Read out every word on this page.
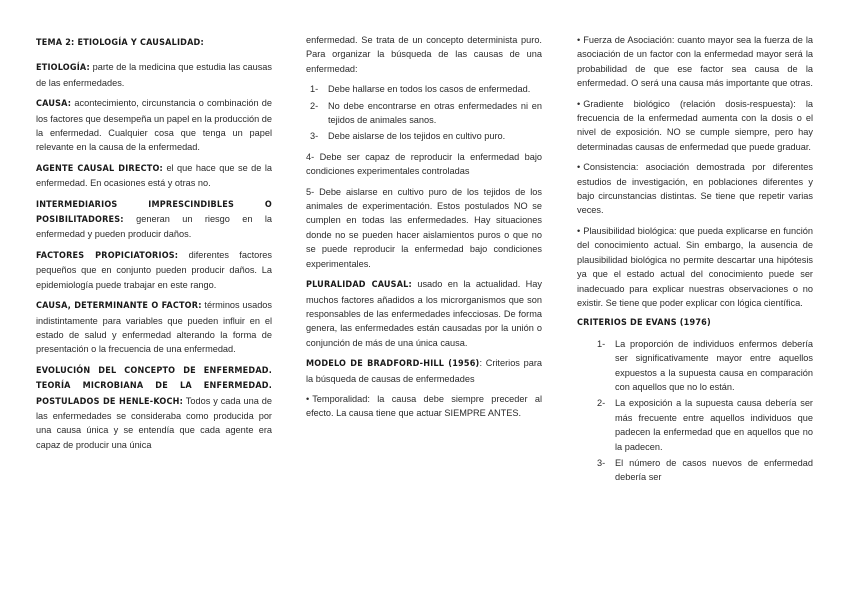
TEMA 2: ETIOLOGÍA Y CAUSALIDAD:

ETIOLOGÍA: parte de la medicina que estudia las causas de las enfermedades.

CAUSA: acontecimiento, circunstancia o combinación de los factores que desempeña un papel en la producción de la enfermedad. Cualquier cosa que tenga un papel relevante en la causa de la enfermedad.

AGENTE CAUSAL DIRECTO: el que hace que se de la enfermedad. En ocasiones está y otras no.

INTERMEDIARIOS IMPRESCINDIBLES O POSIBILITADORES: generan un riesgo en la enfermedad y pueden producir daños.

FACTORES PROPICIATORIOS: diferentes factores pequeños que en conjunto pueden producir daños. La epidemiología puede trabajar en este rango.

CAUSA, DETERMINANTE O FACTOR: términos usados indistintamente para variables que pueden influir en el estado de salud y enfermedad alterando la forma de presentación o la frecuencia de una enfermedad.

EVOLUCIÓN DEL CONCEPTO DE ENFERMEDAD. TEORÍA MICROBIANA DE LA ENFERMEDAD. POSTULADOS DE HENLE-KOCH: Todos y cada una de las enfermedades se consideraba como producida por una causa única y se entendía que cada agente era capaz de producir una única

enfermedad. Se trata de un concepto determinista puro. Para organizar la búsqueda de las causas de una enfermedad:

1- Debe hallarse en todos los casos de enfermedad.
2- No debe encontrarse en otras enfermedades ni en tejidos de animales sanos.
3- Debe aislarse de los tejidos en cultivo puro.

4- Debe ser capaz de reproducir la enfermedad bajo condiciones experimentales controladas

5- Debe aislarse en cultivo puro de los tejidos de los animales de experimentación. Estos postulados NO se cumplen en todas las enfermedades. Hay situaciones donde no se pueden hacer aislamientos puros o que no se puede reproducir la enfermedad bajo condiciones experimentales.

PLURALIDAD CAUSAL: usado en la actualidad. Hay muchos factores añadidos a los microrganismos que son responsables de las enfermedades infecciosas. De forma genera, las enfermedades están causadas por la unión o conjunción de más de una única causa.

MODELO DE BRADFORD-HILL (1956): Criterios para la búsqueda de causas de enfermedades

• Temporalidad: la causa debe siempre preceder al efecto. La causa tiene que actuar SIEMPRE ANTES.

• Fuerza de Asociación: cuanto mayor sea la fuerza de la asociación de un factor con la enfermedad mayor será la probabilidad de que ese factor sea causa de la enfermedad. O será una causa más importante que otras.

• Gradiente biológico (relación dosis-respuesta): la frecuencia de la enfermedad aumenta con la dosis o el nivel de exposición. NO se cumple siempre, pero hay determinadas causas de enfermedad que puede graduar.

• Consistencia: asociación demostrada por diferentes estudios de investigación, en poblaciones diferentes y bajo circunstancias distintas. Se tiene que repetir varias veces.

• Plausibilidad biológica: que pueda explicarse en función del conocimiento actual. Sin embargo, la ausencia de plausibilidad biológica no permite descartar una hipótesis ya que el estado actual del conocimiento puede ser inadecuado para explicar nuestras observaciones o no existir. Se tiene que poder explicar con lógica científica.

CRITERIOS DE EVANS (1976)
1- La proporción de individuos enfermos debería ser significativamente mayor entre aquellos expuestos a la supuesta causa en comparación con aquellos que no lo están.
2- La exposición a la supuesta causa debería ser más frecuente entre aquellos individuos que padecen la enfermedad que en aquellos que no la padecen.
3- El número de casos nuevos de enfermedad debería ser
